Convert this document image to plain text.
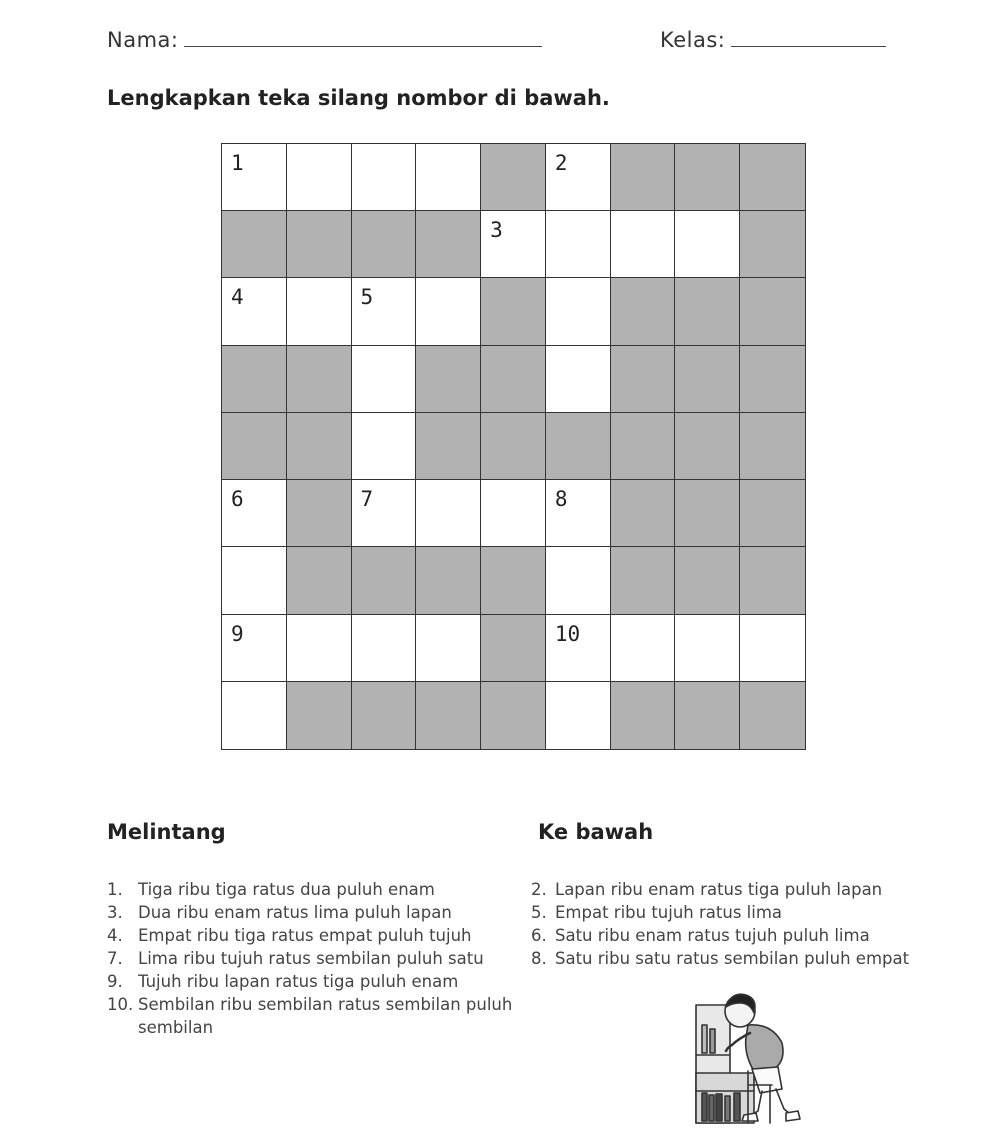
Nama:	Kelas:
Lengkapkan teka silang nombor di bawah.
1	2
3
4	5
6	7	8
9	10
Melintang	Ke bawah
1. Tiga ribu tiga ratus dua puluh enam
3. Dua ribu enam ratus lima puluh lapan
4. Empat ribu tiga ratus empat puluh tujuh
7. Lima ribu tujuh ratus sembilan puluh satu
9. Tujuh ribu lapan ratus tiga puluh enam
10. Sembilan ribu sembilan ratus sembilan puluh sembilan
2. Lapan ribu enam ratus tiga puluh lapan
5. Empat ribu tujuh ratus lima
6. Satu ribu enam ratus tujuh puluh lima
8. Satu ribu satu ratus sembilan puluh empat
